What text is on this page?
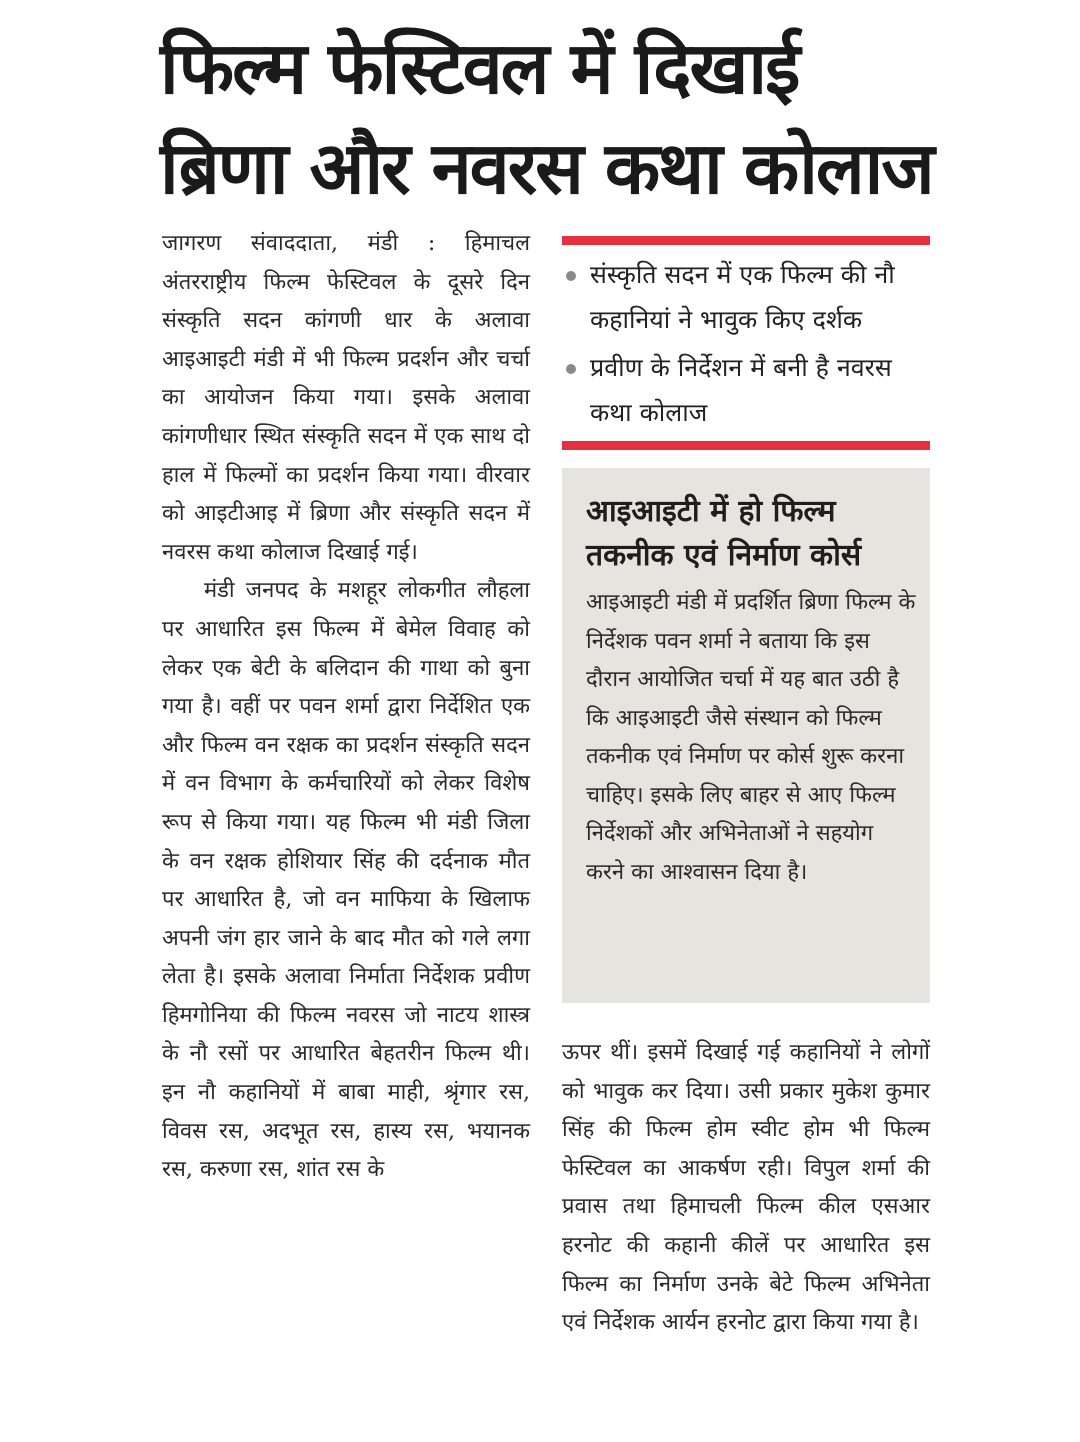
फिल्म फेस्टिवल में दिखाई ब्रिणा और नवरस कथा कोलाज

जागरण संवाददाता, मंडी : हिमाचल अंतरराष्ट्रीय फिल्म फेस्टिवल के दूसरे दिन संस्कृति सदन कांगणी धार के अलावा आइआइटी मंडी में भी फिल्म प्रदर्शन और चर्चा का आयोजन किया गया। इसके अलावा कांगणीधार स्थित संस्कृति सदन में एक साथ दो हाल में फिल्मों का प्रदर्शन किया गया। वीरवार को आइटीआइ में ब्रिणा और संस्कृति सदन में नवरस कथा कोलाज दिखाई गई।

मंडी जनपद के मशहूर लोकगीत लौहला पर आधारित इस फिल्म में बेमेल विवाह को लेकर एक बेटी के बलिदान की गाथा को बुना गया है। वहीं पर पवन शर्मा द्वारा निर्देशित एक और फिल्म वन रक्षक का प्रदर्शन संस्कृति सदन में वन विभाग के कर्मचारियों को लेकर विशेष रूप से किया गया। यह फिल्म भी मंडी जिला के वन रक्षक होशियार सिंह की दर्दनाक मौत पर आधारित है, जो वन माफिया के खिलाफ अपनी जंग हार जाने के बाद मौत को गले लगा लेता है। इसके अलावा निर्माता निर्देशक प्रवीण हिमगोनिया की फिल्म नवरस जो नाटय शास्त्र के नौ रसों पर आधारित बेहतरीन फिल्म थी। इन नौ कहानियों में बाबा माही, श्रृंगार रस, विवस रस, अदभूत रस, हास्य रस, भयानक रस, करुणा रस, शांत रस के

संस्कृति सदन में एक फिल्म की नौ कहानियां ने भावुक किए दर्शक
प्रवीण के निर्देशन में बनी है नवरस कथा कोलाज
आइआइटी में हो फिल्म तकनीक एवं निर्माण कोर्स

आइआइटी मंडी में प्रदर्शित ब्रिणा फिल्म के निर्देशक पवन शर्मा ने बताया कि इस दौरान आयोजित चर्चा में यह बात उठी है कि आइआइटी जैसे संस्थान को फिल्म तकनीक एवं निर्माण पर कोर्स शुरू करना चाहिए। इसके लिए बाहर से आए फिल्म निर्देशकों और अभिनेताओं ने सहयोग करने का आश्वासन दिया है।

ऊपर थीं। इसमें दिखाई गई कहानियों ने लोगों को भावुक कर दिया। उसी प्रकार मुकेश कुमार सिंह की फिल्म होम स्वीट होम भी फिल्म फेस्टिवल का आकर्षण रही। विपुल शर्मा की प्रवास तथा हिमाचली फिल्म कील एसआर हरनोट की कहानी कीलें पर आधारित इस फिल्म का निर्माण उनके बेटे फिल्म अभिनेता एवं निर्देशक आर्यन हरनोट द्वारा किया गया है।
